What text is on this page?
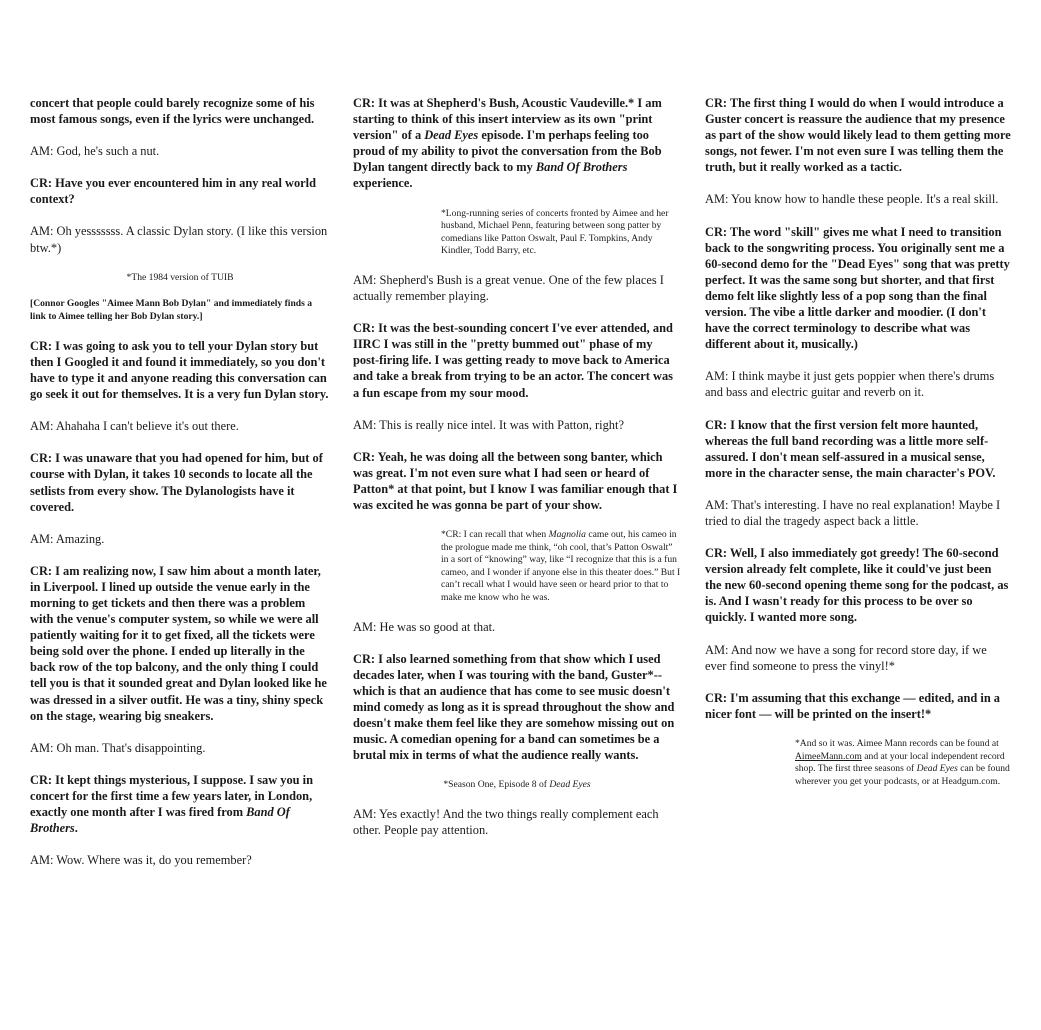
concert that people could barely recognize some of his most famous songs, even if the lyrics were unchanged.

AM: God, he's such a nut.

CR: Have you ever encountered him in any real world context?

AM: Oh yesssssss. A classic Dylan story. (I like this version btw.*)

*The 1984 version of TUIB

[Connor Googles "Aimee Mann Bob Dylan" and immediately finds a link to Aimee telling her Bob Dylan story.]

CR: I was going to ask you to tell your Dylan story but then I Googled it and found it immediately, so you don't have to type it and anyone reading this conversation can go seek it out for themselves. It is a very fun Dylan story.

AM: Ahahaha I can't believe it's out there.

CR: I was unaware that you had opened for him, but of course with Dylan, it takes 10 seconds to locate all the setlists from every show. The Dylanologists have it covered.

AM: Amazing.

CR: I am realizing now, I saw him about a month later, in Liverpool. I lined up outside the venue early in the morning to get tickets and then there was a problem with the venue's computer system, so while we were all patiently waiting for it to get fixed, all the tickets were being sold over the phone. I ended up literally in the back row of the top balcony, and the only thing I could tell you is that it sounded great and Dylan looked like he was dressed in a silver outfit. He was a tiny, shiny speck on the stage, wearing big sneakers.

AM: Oh man. That's disappointing.

CR: It kept things mysterious, I suppose. I saw you in concert for the first time a few years later, in London, exactly one month after I was fired from Band Of Brothers.

AM: Wow. Where was it, do you remember?

CR: It was at Shepherd's Bush, Acoustic Vaudeville.* I am starting to think of this insert interview as its own "print version" of a Dead Eyes episode. I'm perhaps feeling too proud of my ability to pivot the conversation from the Bob Dylan tangent directly back to my Band Of Brothers experience.

*Long-running series of concerts fronted by Aimee and her husband, Michael Penn, featuring between song patter by comedians like Patton Oswalt, Paul F. Tompkins, Andy Kindler, Todd Barry, etc.

AM: Shepherd's Bush is a great venue. One of the few places I actually remember playing.

CR: It was the best-sounding concert I've ever attended, and IIRC I was still in the "pretty bummed out" phase of my post-firing life. I was getting ready to move back to America and take a break from trying to be an actor. The concert was a fun escape from my sour mood.

AM: This is really nice intel. It was with Patton, right?

CR: Yeah, he was doing all the between song banter, which was great. I'm not even sure what I had seen or heard of Patton* at that point, but I know I was familiar enough that I was excited he was gonna be part of your show.

*CR: I can recall that when Magnolia came out, his cameo in the prologue made me think, “oh cool, that’s Patton Oswalt” in a sort of “knowing” way, like “I recognize that this is a fun cameo, and I wonder if anyone else in this theater does.” But I can’t recall what I would have seen or heard prior to that to make me know who he was.

AM: He was so good at that.

CR: I also learned something from that show which I used decades later, when I was touring with the band, Guster*-- which is that an audience that has come to see music doesn't mind comedy as long as it is spread throughout the show and doesn't make them feel like they are somehow missing out on music. A comedian opening for a band can sometimes be a brutal mix in terms of what the audience really wants.

*Season One, Episode 8 of Dead Eyes

AM: Yes exactly! And the two things really complement each other. People pay attention.

CR: The first thing I would do when I would introduce a Guster concert is reassure the audience that my presence as part of the show would likely lead to them getting more songs, not fewer. I'm not even sure I was telling them the truth, but it really worked as a tactic.

AM: You know how to handle these people. It's a real skill.

CR: The word "skill" gives me what I need to transition back to the songwriting process. You originally sent me a 60-second demo for the "Dead Eyes" song that was pretty perfect. It was the same song but shorter, and that first demo felt like slightly less of a pop song than the final version. The vibe a little darker and moodier. (I don't have the correct terminology to describe what was different about it, musically.)

AM: I think maybe it just gets poppier when there's drums and bass and electric guitar and reverb on it.

CR: I know that the first version felt more haunted, whereas the full band recording was a little more self-assured. I don't mean self-assured in a musical sense, more in the character sense, the main character's POV.

AM: That's interesting. I have no real explanation! Maybe I tried to dial the tragedy aspect back a little.

CR: Well, I also immediately got greedy! The 60-second version already felt complete, like it could've just been the new 60-second opening theme song for the podcast, as is. And I wasn't ready for this process to be over so quickly. I wanted more song.

AM: And now we have a song for record store day, if we ever find someone to press the vinyl!*

CR: I'm assuming that this exchange — edited, and in a nicer font — will be printed on the insert!*

*And so it was. Aimee Mann records can be found at AimeeMann.com and at your local independent record shop. The first three seasons of Dead Eyes can be found wherever you get your podcasts, or at Headgum.com.
